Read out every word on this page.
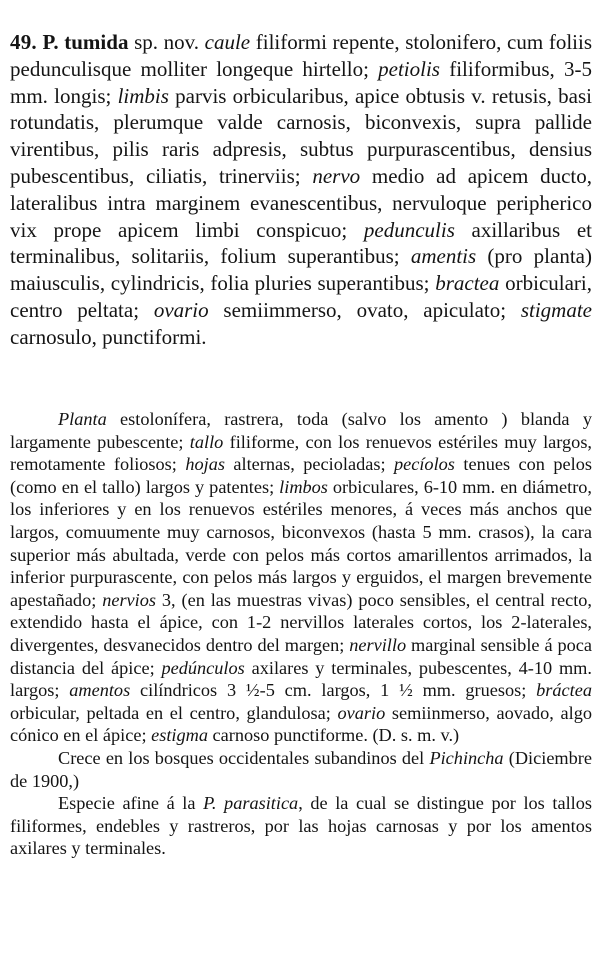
49. P. tumida sp. nov. caule filiformi repente, stolonifero, cum foliis pedunculisque molliter longeque hirtello; petiolis filiformibus, 3-5 mm. longis; limbis parvis orbicularibus, apice obtusis v. retusis, basi rotundatis, plerumque valde carnosis, biconvexis, supra pallide virentibus, pilis raris adpresis, subtus purpurascentibus, densius pubescentibus, ciliatis, trinerviis; nervo medio ad apicem ducto, lateralibus intra marginem evanescentibus, nervuloque peripherico vix prope apicem limbi conspicuo; pedunculis axillaribus et terminalibus, solitariis, folium superantibus; amentis (pro planta) maiusculis, cylindricis, folia pluries superantibus; bractea orbiculari, centro peltata; ovario semiimmerso, ovato, apiculato; stigmate carnosulo, punctiformi.

Planta estolonífera, rastrera, toda (salvo los amento ) blanda y largamente pubescente; tallo filiforme, con los renuevos estériles muy largos, remotamente foliosos; hojas alternas, pecioladas; pecíolos tenues con pelos (como en el tallo) largos y patentes; limbos orbiculares, 6-10 mm. en diámetro, los inferiores y en los renuevos estériles menores, á veces más anchos que largos, comuumente muy carnosos, biconvexos (hasta 5 mm. crasos), la cara superior más abultada, verde con pelos más cortos amarillentos arrimados, la inferior purpurascente, con pelos más largos y erguidos, el margen brevemente apestañado; nervios 3, (en las muestras vivas) poco sensibles, el central recto, extendido hasta el ápice, con 1-2 nervillos laterales cortos, los 2-laterales, divergentes, desvanecidos dentro del margen; nervillo marginal sensible á poca distancia del ápice; pedúnculos axilares y terminales, pubescentes, 4-10 mm. largos; amentos cilíndricos 3 ½-5 cm. largos, 1 ½ mm. gruesos; bráctea orbicular, peltada en el centro, glandulosa; ovario semiinmerso, aovado, algo cónico en el ápice; estigma carnoso punctiforme. (D. s. m. v.)

Crece en los bosques occidentales subandinos del Pichincha (Diciembre de 1900,)

Especie afine á la P. parasitica, de la cual se distingue por los tallos filiformes, endebles y rastreros, por las hojas carnosas y por los amentos axilares y terminales.
